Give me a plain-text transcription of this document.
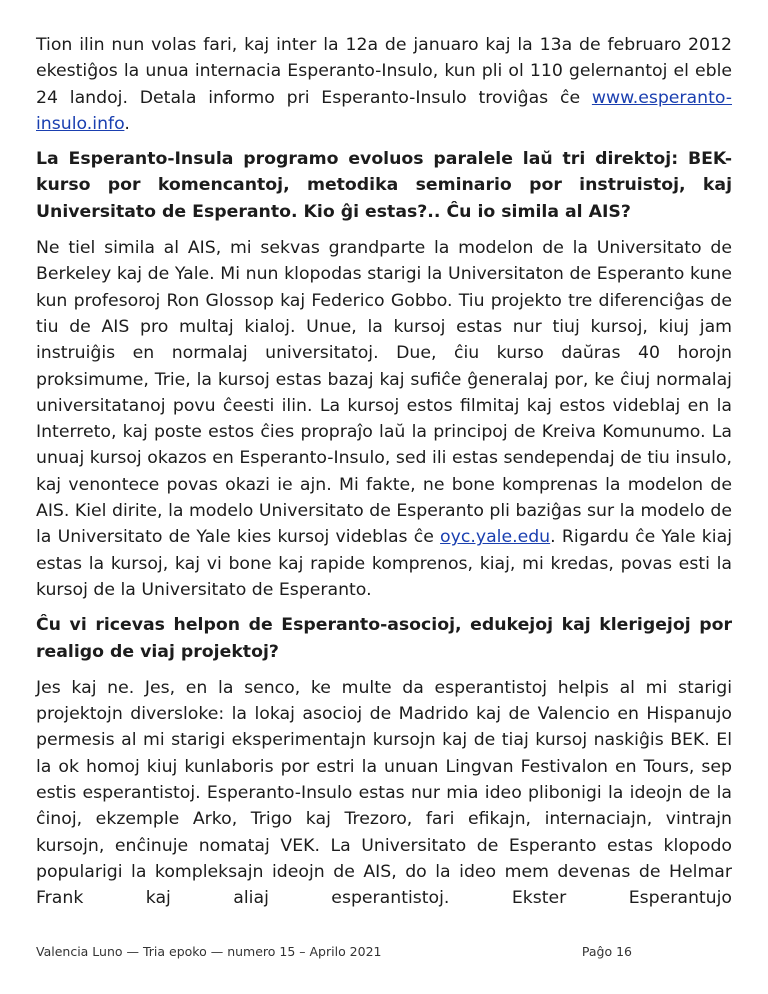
Tion ilin nun volas fari, kaj inter la 12a de januaro kaj la 13a de februaro 2012 ekestiĝos la unua internacia Esperanto-Insulo, kun pli ol 110 gelernantoj el eble 24 landoj. Detala informo pri Esperanto-Insulo troviĝas ĉe www.esperanto-insulo.info.

La Esperanto-Insula programo evoluos paralele laŭ tri direktoj: BEK-kurso por komencantoj, metodika seminario por instruistoj, kaj Universitato de Esperanto. Kio ĝi estas?.. Ĉu io simila al AIS?

Ne tiel simila al AIS, mi sekvas grandparte la modelon de la Universitato de Berkeley kaj de Yale. Mi nun klopodas starigi la Universitaton de Esperanto kune kun profesoroj Ron Glossop kaj Federico Gobbo. Tiu projekto tre diferenciĝas de tiu de AIS pro multaj kialoj. Unue, la kursoj estas nur tiuj kursoj, kiuj jam instruiĝis en normalaj universitatoj. Due, ĉiu kurso daŭras 40 horojn proksimume, Trie, la kursoj estas bazaj kaj sufiĉe ĝeneralaj por, ke ĉiuj normalaj universitatanoj povu ĉeesti ilin. La kursoj estos filmitaj kaj estos videblaj en la Interreto, kaj poste estos ĉies propraĵo laŭ la principoj de Kreiva Komunumo. La unuaj kursoj okazos en Esperanto-Insulo, sed ili estas sendependaj de tiu insulo, kaj venontece povas okazi ie ajn. Mi fakte, ne bone komprenas la modelon de AIS. Kiel dirite, la modelo Universitato de Esperanto pli baziĝas sur la modelo de la Universitato de Yale kies kursoj videblas ĉe oyc.yale.edu. Rigardu ĉe Yale kiaj estas la kursoj, kaj vi bone kaj rapide komprenos, kiaj, mi kredas, povas esti la kursoj de la Universitato de Esperanto.

Ĉu vi ricevas helpon de Esperanto-asocioj, edukejoj kaj klerigejoj por realigo de viaj projektoj?

Jes kaj ne. Jes, en la senco, ke multe da esperantistoj helpis al mi starigi projektojn diversloke: la lokaj asocioj de Madrido kaj de Valencio en Hispanujo permesis al mi starigi eksperimentajn kursojn kaj de tiaj kursoj naskiĝis BEK. El la ok homoj kiuj kunlaboris por estri la unuan Lingvan Festivalon en Tours, sep estis esperantistoj. Esperanto-Insulo estas nur mia ideo plibonigi la ideojn de la ĉinoj, ekzemple Arko, Trigo kaj Trezoro, fari efikajn, internaciajn, vintrajn kursojn, enĉinuje nomataj VEK. La Universitato de Esperanto estas klopodo popularigi la kompleksajn ideojn de AIS, do la ideo mem devenas de Helmar Frank kaj aliaj esperantistoj. Ekster Esperantujo

Valencia Luno — Tria epoko — numero 15 – Aprilo 2021	Paĝo 16
